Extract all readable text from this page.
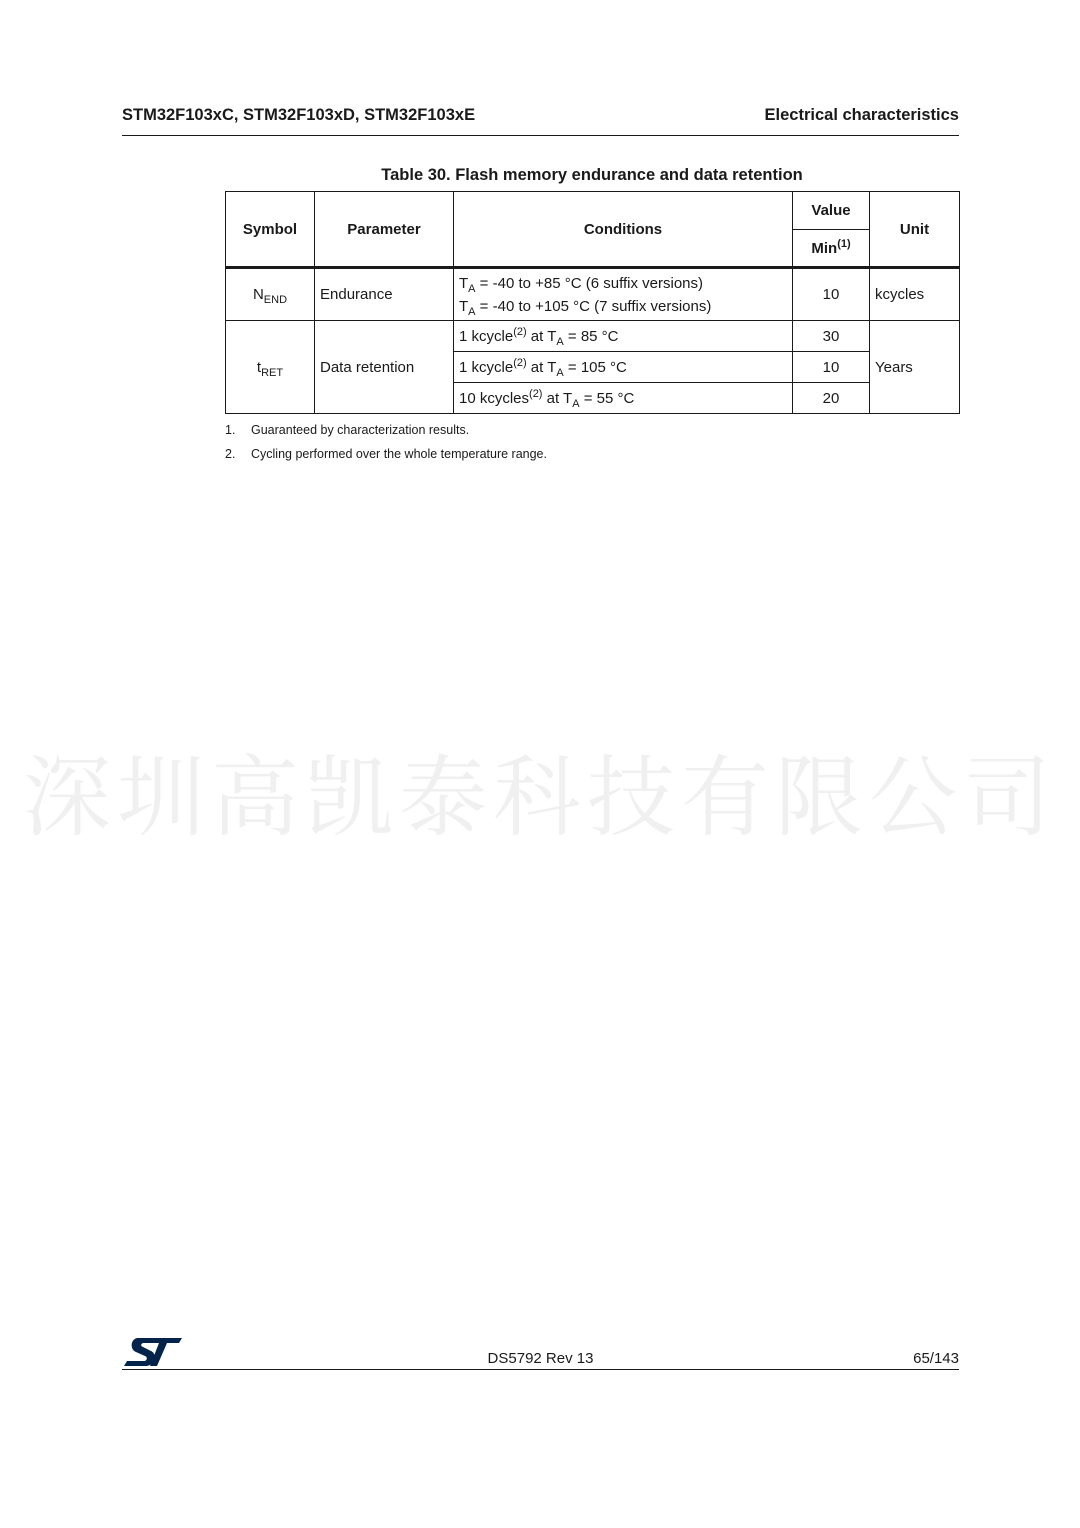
STM32F103xC, STM32F103xD, STM32F103xE	Electrical characteristics
Table 30. Flash memory endurance and data retention
Symbol	Parameter	Conditions	Value	Unit
			Min$^{(1)}$
$N_{END}$	Endurance	$T_A = -40$ to +85 °C (6 suffix versions)
$T_A = -40$ to +105 °C (7 suffix versions)	10	kcycles
$t_{RET}$	Data retention	1 kcycle$^{(2)}$ at $T_A = 85$ °C	30	Years
		1 kcycle$^{(2)}$ at $T_A = 105$ °C	10	
		10 kcycles$^{(2)}$ at $T_A = 55$ °C	20	
1. Guaranteed by characterization results.
2. Cycling performed over the whole temperature range.
深圳高凯泰科技有限公司
DS5792 Rev 13	65/143
